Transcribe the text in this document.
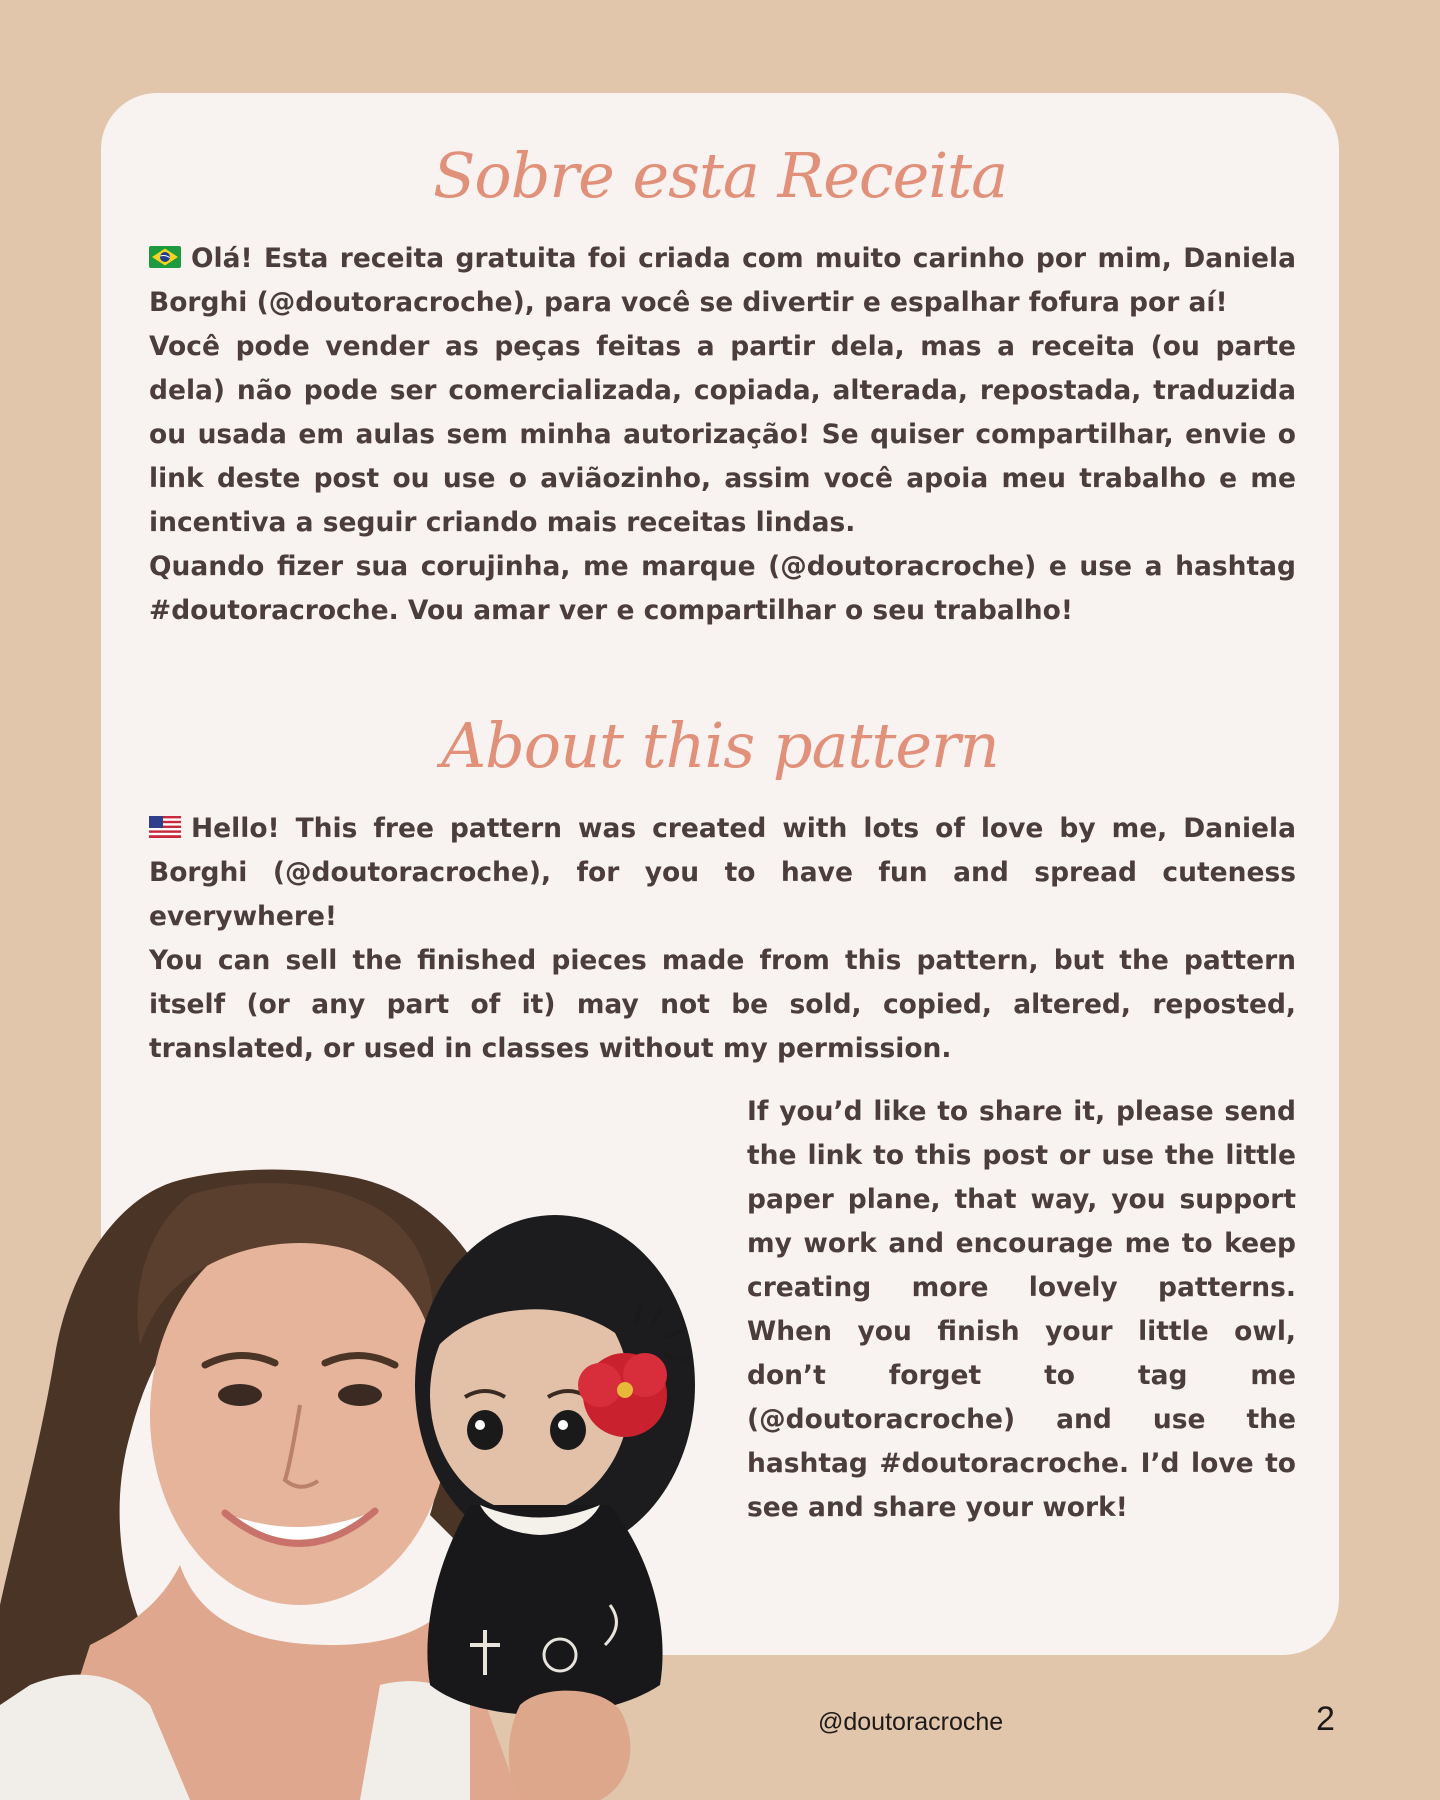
Sobre esta Receita
Olá! Esta receita gratuita foi criada com muito carinho por mim, Daniela Borghi (@doutoracroche), para você se divertir e espalhar fofura por aí!
Você pode vender as peças feitas a partir dela, mas a receita (ou parte dela) não pode ser comercializada, copiada, alterada, repostada, traduzida ou usada em aulas sem minha autorização! Se quiser compartilhar, envie o link deste post ou use o aviãozinho, assim você apoia meu trabalho e me incentiva a seguir criando mais receitas lindas.
Quando fizer sua corujinha, me marque (@doutoracroche) e use a hashtag #doutoracroche. Vou amar ver e compartilhar o seu trabalho!
About this pattern
Hello! This free pattern was created with lots of love by me, Daniela Borghi (@doutoracroche), for you to have fun and spread cuteness everywhere!
You can sell the finished pieces made from this pattern, but the pattern itself (or any part of it) may not be sold, copied, altered, reposted, translated, or used in classes without my permission.

If you’d like to share it, please send the link to this post or use the little paper plane, that way, you support my work and encourage me to keep creating more lovely patterns. When you finish your little owl, don’t forget to tag me (@doutoracroche) and use the hashtag #doutoracroche. I’d love to see and share your work!

@doutoracroche	2
